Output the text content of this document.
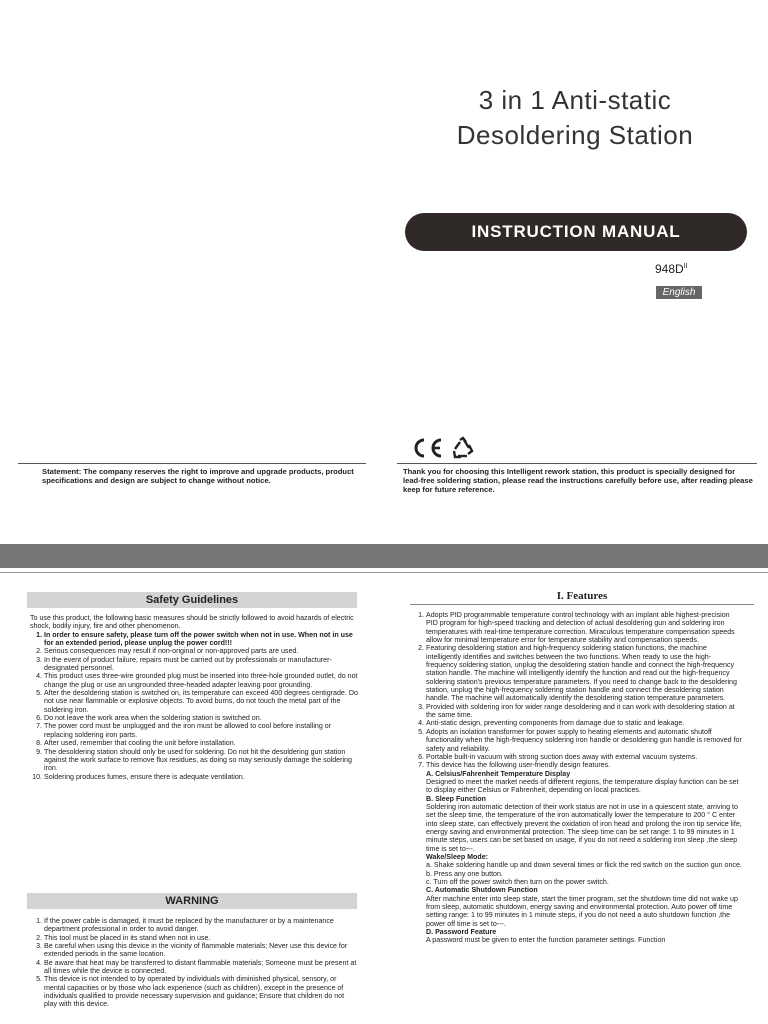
3 in 1 Anti-static
Desoldering Station
INSTRUCTION MANUAL
$948D^{II}$
English
Statement: The company reserves the right to improve and upgrade products, product specifications and design are subject to change without notice.
Thank you for choosing this Intelligent rework station, this product is specially designed for lead-free soldering station, please read the instructions carefully before use, after reading please keep for future reference.
Safety Guidelines

To use this product, the following basic measures should be strictly followed to avoid hazards of electric shock, bodily injury, fire and other phenomenon.

1. In order to ensure safety, please turn off the power switch when not in use. When not in use for an extended period, please unplug the power cord!!!
2. Serious consequences may result if non-original or non-approved parts are used.
3. In the event of product failure, repairs must be carried out by professionals or manufacturer-designated personnel.
4. This product uses three-wire grounded plug must be inserted into three-hole grounded outlet, do not change the plug or use an ungrounded three-headed adapter leaving poor grounding.
5. After the desoldering station is switched on, its temperature can exceed 400 degrees centigrade. Do not use near flammable or explosive objects. To avoid burns, do not touch the metal part of the soldering iron.
6. Do not leave the work area when the soldering station is switched on.
7. The power cord must be unplugged and the iron must be allowed to cool before installing or replacing soldering iron parts.
8. After used, remember that cooling the unit before installation.
9. The desoldering station should only be used for soldering. Do not hit the desoldering gun station against the work surface to remove flux residues, as doing so may seriously damage the soldering iron.
10. Soldering produces fumes, ensure there is adequate ventilation.
WARNING
1. If the power cable is damaged, it must be replaced by the manufacturer or by a maintenance department professional in order to avoid danger.
2. This tool must be placed in its stand when not in use.
3. Be careful when using this device in the vicinity of flammable materials; Never use this device for extended periods in the same location.
4. Be aware that heat may be transferred to distant flammable materials; Someone must be present at all times while the device is connected.
5. This device is not intended to by operated by individuals with diminished physical, sensory, or mental capacities or by those who lack experience (such as children), except in the presence of individuals qualified to provide necessary supervision and guidance; Ensure that children do not play with this device.
I. Features
1. Adopts PID programmable temperature control technology with an implant able highest-precision PID program for high-speed tracking and detection of actual desoldering gun and soldering iron temperatures with real-time temperature correction. Miraculous temperature compensation speeds allow for minimal temperature error for temperature stability and compensation speeds.
2. Featuring desoldering station and high-frequency soldering station functions, the machine intelligently identifies and switches between the two functions. When ready to use the high-frequency soldering station, unplug the desoldering station handle and connect the high-frequency station handle. The machine will intelligently identify the function and read out the high-frequency soldering station's previous temperature parameters. If you need to change back to the desoldering station, unplug the high-frequency soldering station handle and connect the desoldering station handle. The machine will automatically identify the desoldering station temperature parameters.
3. Provided with soldering iron for wider range desoldering and it can work with desoldering station at the same time.
4. Anti-static design, preventing components from damage due to static and leakage.
5. Adopts an isolation transformer for power supply to heating elements and automatic shutoff functionality when the high-frequency soldering iron handle or desoldering gun handle is removed for safety and reliability.
6. Portable built-in vacuum with strong suction does away with external vacuum systems.
7. This device has the following user-friendly design features.

A. Celsius/Fahrenheit Temperature Display

Designed to meet the market needs of different regions, the temperature display function can be set to display either Celsius or Fahrenheit, depending on local practices.

B. Sleep Function

Soldering iron automatic detection of their work status are not in use in a quiescent state, arriving to set the sleep time, the temperature of the iron automatically lower the temperature to 200 ° C enter into sleep state, can effectively prevent the oxidation of iron head and prolong the iron tip service life, energy saving and environmental protection. The sleep time can be set range: 1 to 99 minutes in 1 minute steps, users can be set based on usage, if you do not need a soldering iron sleep ,the sleep time is set to---.

Wake/Sleep Mode:

a. Shake soldering handle up and down several times or flick the red switch on the suction gun once.

b. Press any one button.

c. Turn off the power switch then turn on the power switch.

C. Automatic Shutdown Function

After machine enter into sleep state, start the timer program, set the shutdown time did not wake up from sleep, automatic shutdown, energy saving and environmental protection. Auto power off time setting range: 1 to 99 minutes in 1 minute steps, if you do not need a auto shutdown function ,the power off time is set to---.

D. Password Feature

A password must be given to enter the function parameter settings. Function
